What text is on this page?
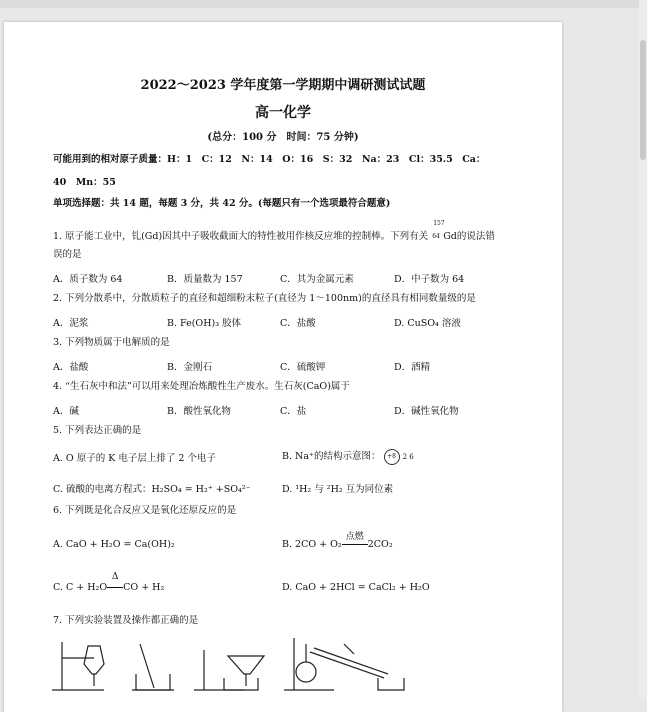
2022～2023 学年度第一学期期中调研测试试题
高一化学
(总分：100 分　时间：75 分钟)
可能用到的相对原子质量：H：1　C：12　N：14　O：16　S：32　Na：23　Cl：35.5　Ca：
40　Mn：55
单项选择题：共 14 题，每题 3 分，共 42 分。(每题只有一个选项最符合题意)
1. 原子能工业中，钆(Gd)因其中子吸收截面大的特性被用作核反应堆的控制棒。下列有关
157
64 Gd的说法错
误的是
A．质子数为 64	B．质量数为 157	C．其为金属元素	D．中子数为 64
2. 下列分散系中，分散质粒子的直径和超细粉末粒子(直径为 1～100nm)的直径具有相同数量级的是
A．泥浆	B. Fe(OH)₃ 胶体	C．盐酸	D. CuSO₄ 溶液
3. 下列物质属于电解质的是
A．盐酸	B．金刚石	C．硫酸钾	D．酒精
4. “生石灰中和法”可以用来处理冶炼酸性生产废水。生石灰(CaO)属于
A．碱	B．酸性氧化物	C．盐	D．碱性氧化物
5. 下列表达正确的是
A. O 原子的 K 电子层上排了 2 个电子	B. Na⁺的结构示意图： +8 2 6
C. 硫酸的电离方程式：H₂SO₄ = H₂⁺ +SO₄²⁻	D. ¹H₂ 与 ²H₂ 互为同位素
6. 下列既是化合反应又是氧化还原反应的是
A. CaO + H₂O = Ca(OH)₂	B. 2CO + O₂
点燃
2CO₂
C. C + H₂O
Δ
CO + H₂	D. CaO + 2HCl = CaCl₂ + H₂O
7. 下列实验装置及操作都正确的是
